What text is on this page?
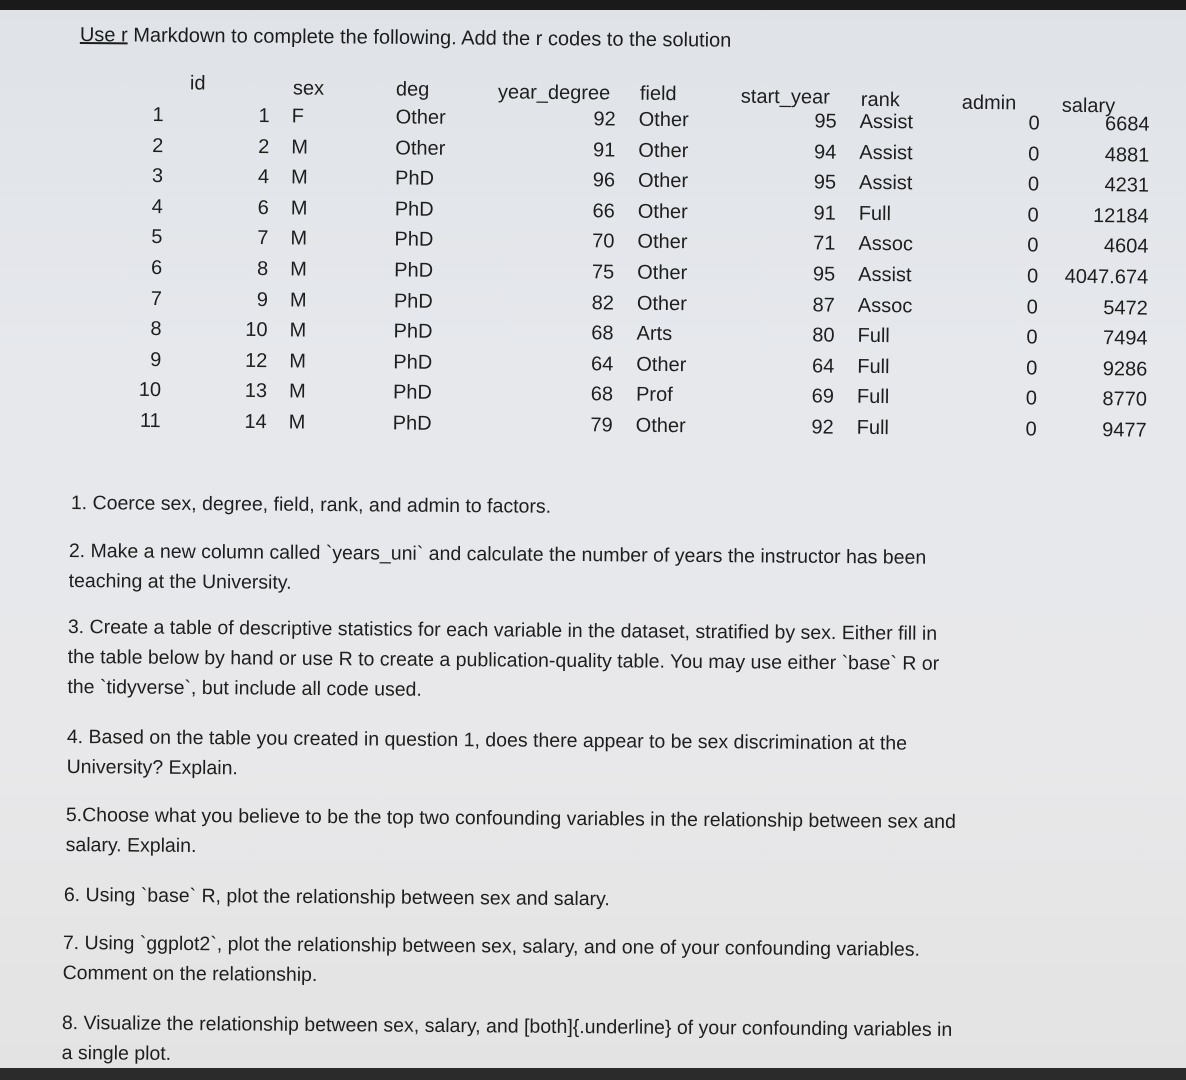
Use r Markdown to complete the following. Add the r codes to the solution
id	sex	deg	year_degree field	start_year rank	admin salary
1	1 F	Other	92 Other	95 Assist	0	6684
2	2 M	Other	91 Other	94 Assist	0	4881
3	4 M	PhD	96 Other	95 Assist	0	4231
4	6 M	PhD	66 Other	91 Full	0	12184
5	7 M	PhD	70 Other	71 Assoc	0	4604
6	8 M	PhD	75 Other	95 Assist	0	4047.674
7	9 M	PhD	82 Other	87 Assoc	0	5472
8	10 M	PhD	68 Arts	80 Full	0	7494
9	12 M	PhD	64 Other	64 Full	0	9286
10	13 M	PhD	68 Prof	69 Full	0	8770
11	14 M	PhD	79 Other	92 Full	0	9477
1. Coerce sex, degree, field, rank, and admin to factors.
2. Make a new column called `years_uni` and calculate the number of years the instructor has been
teaching at the University.
3. Create a table of descriptive statistics for each variable in the dataset, stratified by sex. Either fill in
the table below by hand or use R to create a publication-quality table. You may use either `base` R or
the `tidyverse`, but include all code used.
4. Based on the table you created in question 1, does there appear to be sex discrimination at the
University? Explain.
5.Choose what you believe to be the top two confounding variables in the relationship between sex and
salary. Explain.
6. Using `base` R, plot the relationship between sex and salary.
7. Using `ggplot2`, plot the relationship between sex, salary, and one of your confounding variables.
Comment on the relationship.
8. Visualize the relationship between sex, salary, and [both]{.underline} of your confounding variables in
a single plot.
